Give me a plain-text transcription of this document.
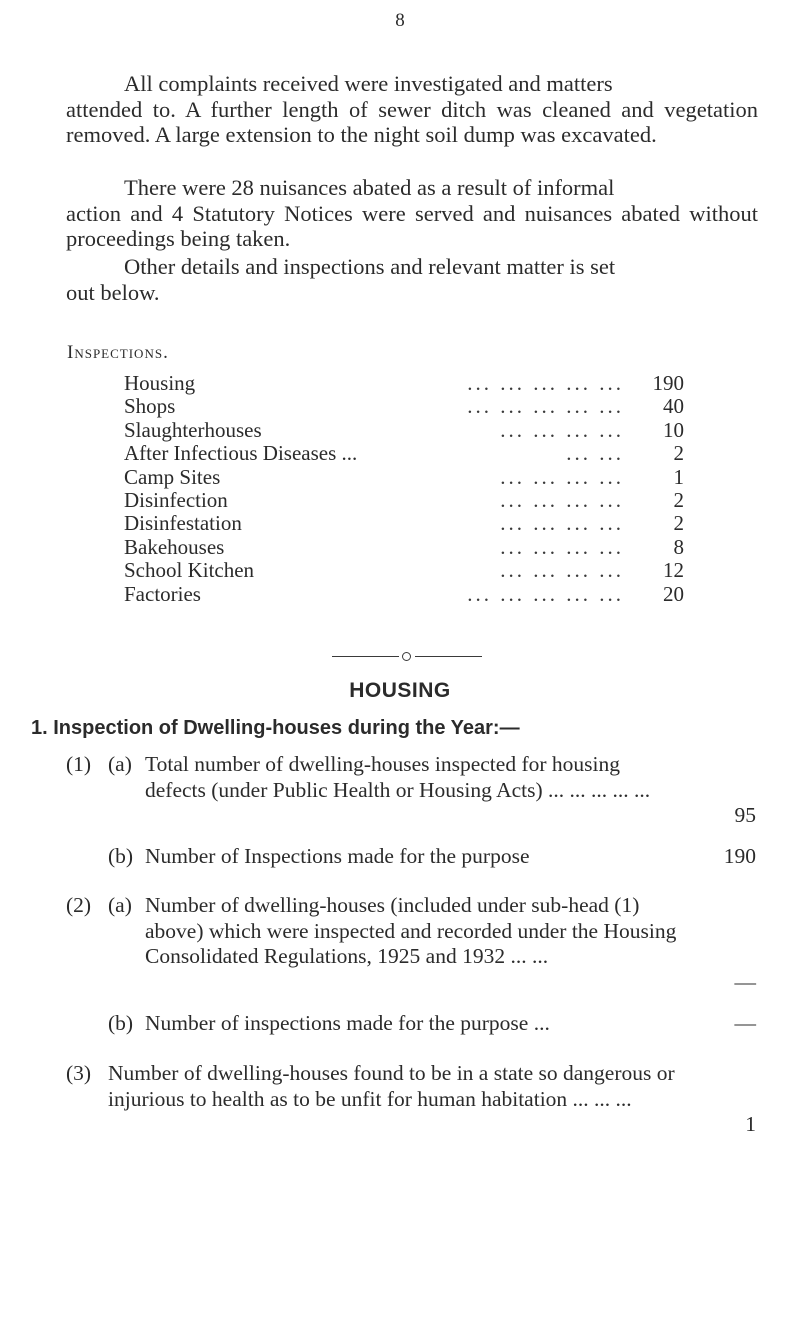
8

All complaints received were investigated and matters
attended to. A further length of sewer ditch was cleaned and vegetation removed. A large extension to the night soil dump was excavated.

There were 28 nuisances abated as a result of informal
action and 4 Statutory Notices were served and nuisances abated without proceedings being taken.

Other details and inspections and relevant matter is set
out below.

Inspections.
Housing	... ... ... ... ...	190
Shops	... ... ... ... ...	40
Slaughterhouses	... ... ... ...	10
After Infectious Diseases ...	... ...	2
Camp Sites	... ... ... ...	1
Disinfection	... ... ... ...	2
Disinfestation	... ... ... ...	2
Bakehouses	... ... ... ...	8
School Kitchen	... ... ... ...	12
Factories	... ... ... ... ...	20
HOUSING
1. Inspection of Dwelling-houses during the Year:—
(1) (a) Total number of dwelling-houses inspected for housing defects (under Public Health or Housing Acts) ... ... ... ... ...
95
(b) Number of Inspections made for the purpose	190
(2) (a) Number of dwelling-houses (included under sub-head (1) above) which were inspected and recorded under the Housing Consolidated Regulations, 1925 and 1932 ... ...
—
(b) Number of inspections made for the purpose ...	—
(3) Number of dwelling-houses found to be in a state so dangerous or injurious to health as to be unfit for human habitation ... ... ...
1
